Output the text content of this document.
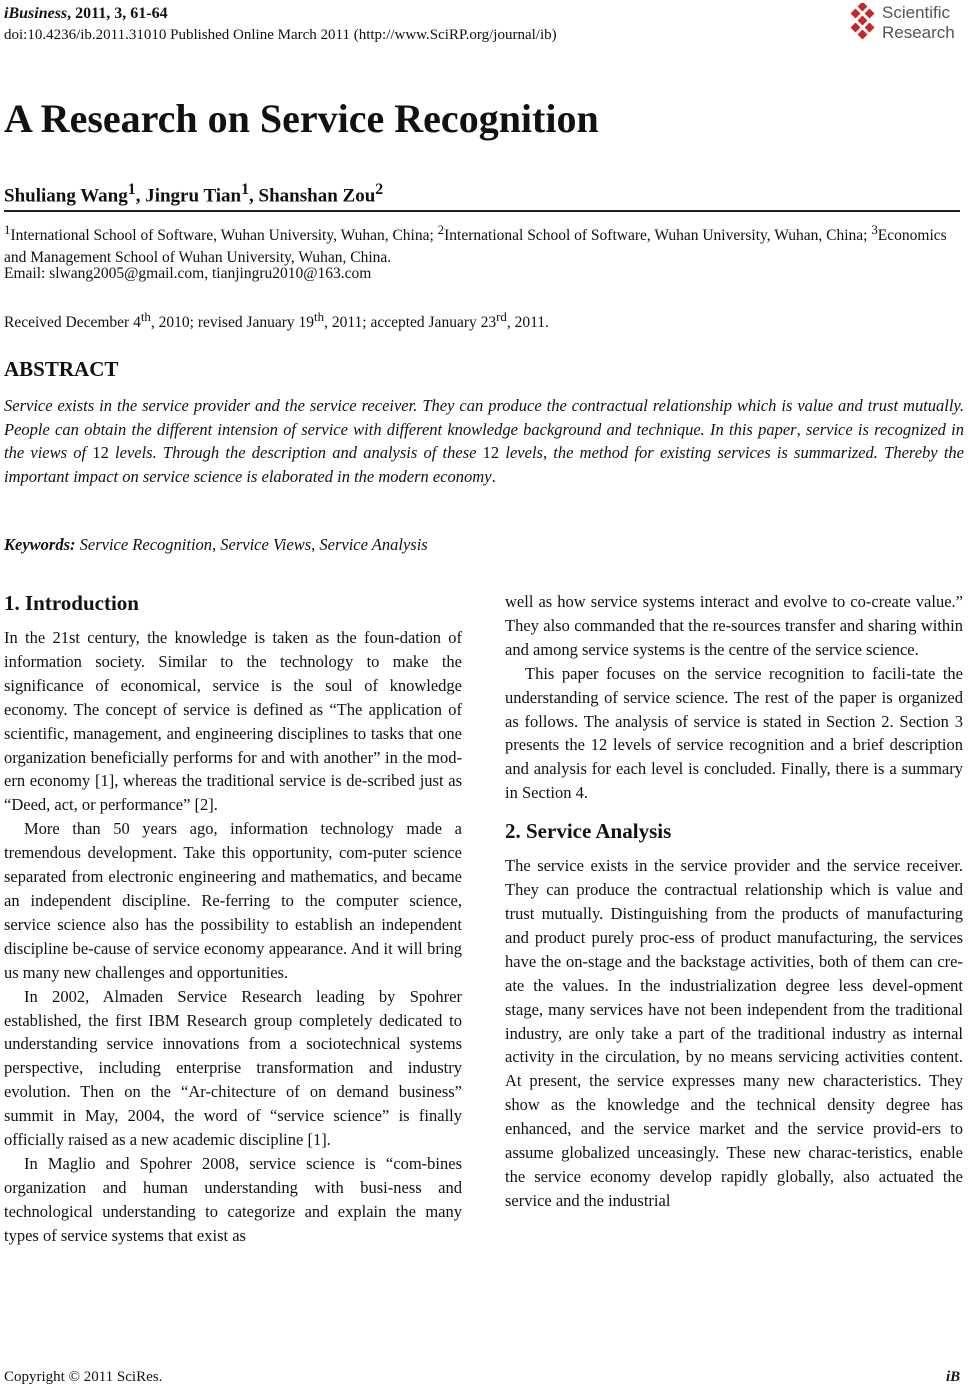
iBusiness, 2011, 3, 61-64
doi:10.4236/ib.2011.31010 Published Online March 2011 (http://www.SciRP.org/journal/ib)
Scientific
Research
A Research on Service Recognition
Shuliang Wang$^1$, Jingru Tian$^1$, Shanshan Zou$^2$
$^1$International School of Software, Wuhan University, Wuhan, China; $^2$International School of Software, Wuhan University, Wuhan, China; $^3$Economics and Management School of Wuhan University, Wuhan, China.
Email: slwang2005@gmail.com, tianjingru2010@163.com
Received December 4th, 2010; revised January 19th, 2011; accepted January 23rd, 2011.
ABSTRACT
Service exists in the service provider and the service receiver. They can produce the contractual relationship which is value and trust mutually. People can obtain the different intension of service with different knowledge background and technique. In this paper, service is recognized in the views of 12 levels. Through the description and analysis of these 12 levels, the method for existing services is summarized. Thereby the important impact on service science is elaborated in the modern economy.
Keywords: Service Recognition, Service Views, Service Analysis
1. Introduction

In the 21st century, the knowledge is taken as the foun-dation of information society. Similar to the technology to make the significance of economical, service is the soul of knowledge economy. The concept of service is defined as “The application of scientific, management, and engineering disciplines to tasks that one organization beneficially performs for and with another” in the mod-ern economy [1], whereas the traditional service is de-scribed just as “Deed, act, or performance” [2].

More than 50 years ago, information technology made a tremendous development. Take this opportunity, com-puter science separated from electronic engineering and mathematics, and became an independent discipline. Re-ferring to the computer science, service science also has the possibility to establish an independent discipline be-cause of service economy appearance. And it will bring us many new challenges and opportunities.

In 2002, Almaden Service Research leading by Spohrer established, the first IBM Research group completely dedicated to understanding service innovations from a sociotechnical systems perspective, including enterprise transformation and industry evolution. Then on the “Ar-chitecture of on demand business” summit in May, 2004, the word of “service science” is finally officially raised as a new academic discipline [1].

In Maglio and Spohrer 2008, service science is “com-bines organization and human understanding with busi-ness and technological understanding to categorize and explain the many types of service systems that exist as

well as how service systems interact and evolve to co-create value.” They also commanded that the re-sources transfer and sharing within and among service systems is the centre of the service science.

This paper focuses on the service recognition to facili-tate the understanding of service science. The rest of the paper is organized as follows. The analysis of service is stated in Section 2. Section 3 presents the 12 levels of service recognition and a brief description and analysis for each level is concluded. Finally, there is a summary in Section 4.

2. Service Analysis

The service exists in the service provider and the service receiver. They can produce the contractual relationship which is value and trust mutually. Distinguishing from the products of manufacturing and product purely proc-ess of product manufacturing, the services have the on-stage and the backstage activities, both of them can cre-ate the values. In the industrialization degree less devel-opment stage, many services have not been independent from the traditional industry, are only take a part of the traditional industry as internal activity in the circulation, by no means servicing activities content. At present, the service expresses many new characteristics. They show as the knowledge and the technical density degree has enhanced, and the service market and the service provid-ers to assume globalized unceasingly. These new charac-teristics, enable the service economy develop rapidly globally, also actuated the service and the industrial

Copyright © 2011 SciRes.	iB
